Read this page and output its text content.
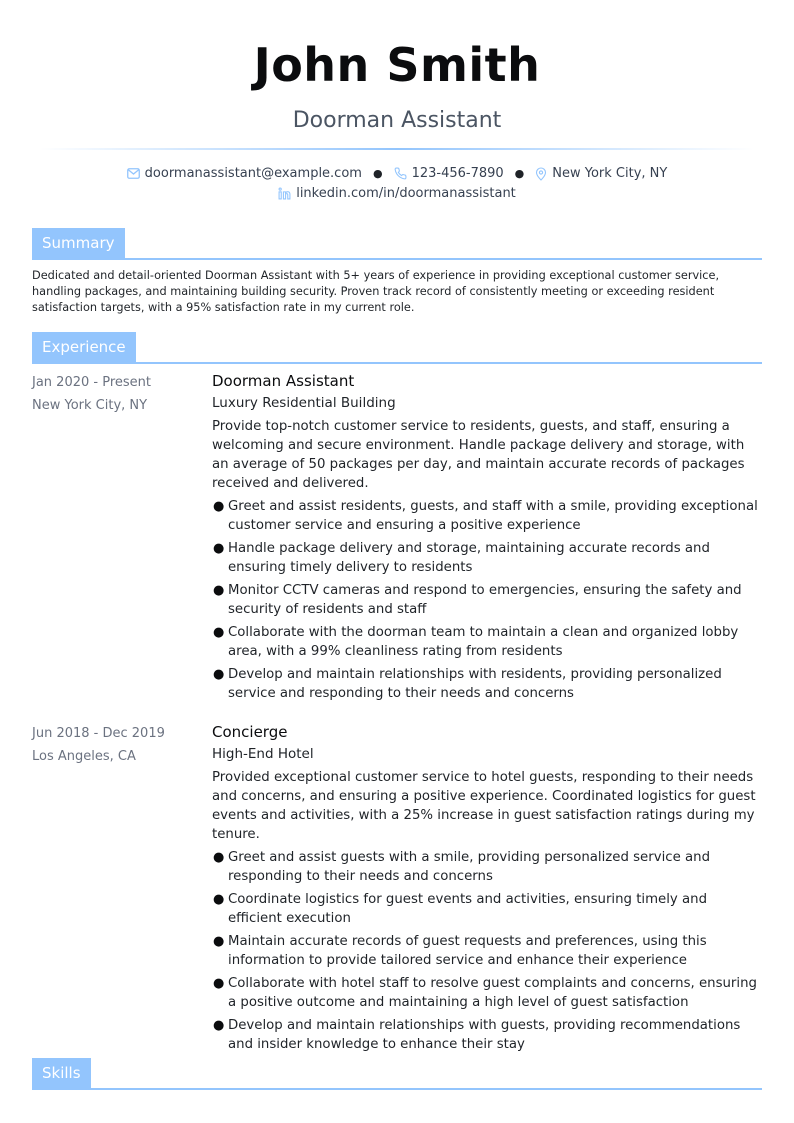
John Smith
Doorman Assistant
doormanassistant@example.com ● 123-456-7890 ● New York City, NY
linkedin.com/in/doormanassistant
Summary

Dedicated and detail-oriented Doorman Assistant with 5+ years of experience in providing exceptional customer service, handling packages, and maintaining building security. Proven track record of consistently meeting or exceeding resident satisfaction targets, with a 95% satisfaction rate in my current role.

Experience
Jan 2020 - Present
New York City, NY
Doorman Assistant
Luxury Residential Building

Provide top-notch customer service to residents, guests, and staff, ensuring a welcoming and secure environment. Handle package delivery and storage, with an average of 50 packages per day, and maintain accurate records of packages received and delivered.

● Greet and assist residents, guests, and staff with a smile, providing exceptional customer service and ensuring a positive experience
● Handle package delivery and storage, maintaining accurate records and ensuring timely delivery to residents
● Monitor CCTV cameras and respond to emergencies, ensuring the safety and security of residents and staff
● Collaborate with the doorman team to maintain a clean and organized lobby area, with a 99% cleanliness rating from residents
● Develop and maintain relationships with residents, providing personalized service and responding to their needs and concerns
Jun 2018 - Dec 2019
Los Angeles, CA
Concierge
High-End Hotel

Provided exceptional customer service to hotel guests, responding to their needs and concerns, and ensuring a positive experience. Coordinated logistics for guest events and activities, with a 25% increase in guest satisfaction ratings during my tenure.

● Greet and assist guests with a smile, providing personalized service and responding to their needs and concerns
● Coordinate logistics for guest events and activities, ensuring timely and efficient execution
● Maintain accurate records of guest requests and preferences, using this information to provide tailored service and enhance their experience
● Collaborate with hotel staff to resolve guest complaints and concerns, ensuring a positive outcome and maintaining a high level of guest satisfaction
● Develop and maintain relationships with guests, providing recommendations and insider knowledge to enhance their stay
Skills
